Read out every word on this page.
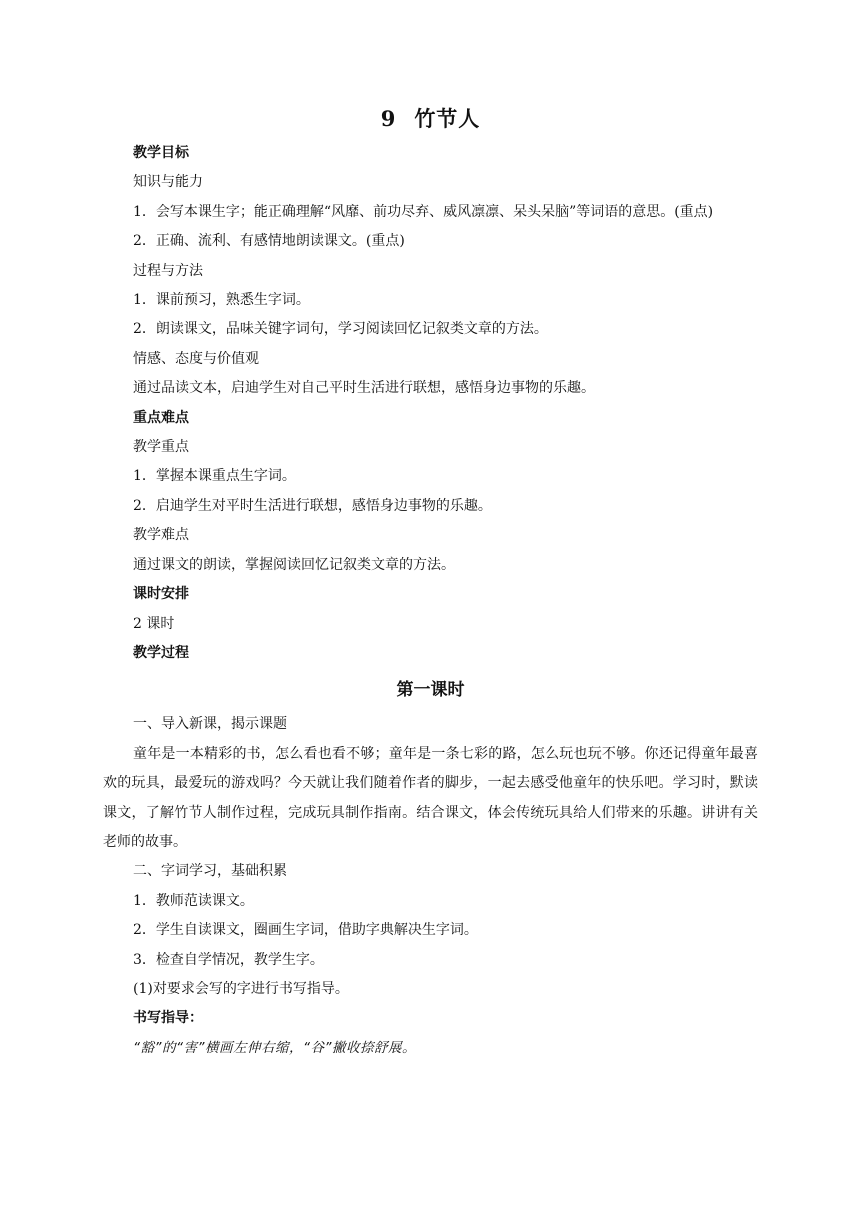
9 竹节人
教学目标
知识与能力
1．会写本课生字；能正确理解“风靡、前功尽弃、威风凛凛、呆头呆脑”等词语的意思。(重点)
2．正确、流利、有感情地朗读课文。(重点)
过程与方法
1．课前预习，熟悉生字词。
2．朗读课文，品味关键字词句，学习阅读回忆记叙类文章的方法。
情感、态度与价值观
通过品读文本，启迪学生对自己平时生活进行联想，感悟身边事物的乐趣。
重点难点
教学重点
1．掌握本课重点生字词。
2．启迪学生对平时生活进行联想，感悟身边事物的乐趣。
教学难点
通过课文的朗读，掌握阅读回忆记叙类文章的方法。
课时安排
2 课时
教学过程
第一课时
一、导入新课，揭示课题
童年是一本精彩的书，怎么看也看不够；童年是一条七彩的路，怎么玩也玩不够。你还记得童年最喜欢的玩具，最爱玩的游戏吗？今天就让我们随着作者的脚步，一起去感受他童年的快乐吧。学习时，默读课文，了解竹节人制作过程，完成玩具制作指南。结合课文，体会传统玩具给人们带来的乐趣。讲讲有关老师的故事。
二、字词学习，基础积累
1．教师范读课文。
2．学生自读课文，圈画生字词，借助字典解决生字词。
3．检查自学情况，教学生字。
(1)对要求会写的字进行书写指导。
书写指导：
“豁”的“害”横画左伸右缩，“谷”撇收捺舒展。
